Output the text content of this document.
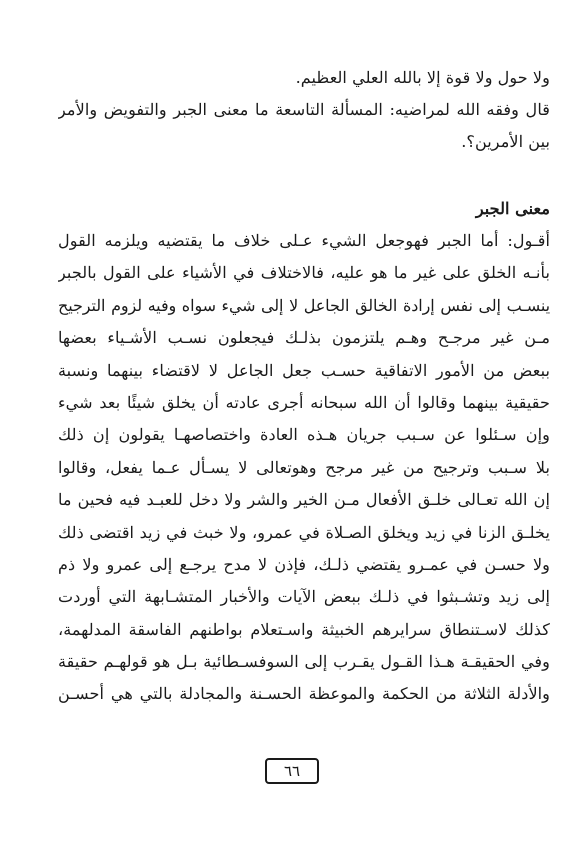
ولا حول ولا قوة إلا بالله العلي العظيم.
قال وفقه الله لمراضيه: المسألة التاسعة ما معنى الجبر والتفويض والأمر
بين الأمرين؟.
معنى الجبر
أقـول: أما الجبر فهوجعل الشيء عـلى خلاف ما يقتضيه ويلزمه القول
بأنـه الخلق على غير ما هو عليه، فالاختلاف في الأشياء على القول بالجبر
ينسـب إلى نفس إرادة الخالق الجاعل لا إلى شيء سواه وفيه لزوم الترجيح
مـن غير مرجـح وهـم يلتزمون بذلـك فيجعلون نسـب الأشـياء بعضها
ببعض من الأمور الاتفاقية حسـب جعل الجاعل لا لاقتضاء بينهما ونسبة
حقيقية بينهما وقالوا أن الله سبحانه أجرى عادته أن يخلق شيئًا بعد شيء
وإن سـئلوا عن سـبب جريان هـذه العادة واختصاصهـا يقولون إن ذلك
بلا سـبب وترجيح من غير مرجح وهوتعالى لا يسـأل عـما يفعل، وقالوا
إن الله تعـالى خلـق الأفعال مـن الخير والشر ولا دخل للعبـد فيه فحين ما
يخلـق الزنا في زيد ويخلق الصـلاة في عمرو، ولا خبث في زيد اقتضى ذلك
ولا حسـن في عمـرو يقتضي ذلـك، فإذن لا مدح يرجـع إلى عمرو ولا ذم
إلى زيد وتشـبثوا في ذلـك ببعض الآيات والأخبار المتشـابهة التي أوردت
كذلك لاسـتنطاق سرايرهم الخبيثة واسـتعلام بواطنهم الفاسقة المدلهمة،
وفي الحقيقـة هـذا القـول يقـرب إلى السوفسـطائية بـل هو قولهـم حقيقة
والأدلة الثلاثة من الحكمة والموعظة الحسـنة والمجادلة بالتي هي أحسـن
٦٦
